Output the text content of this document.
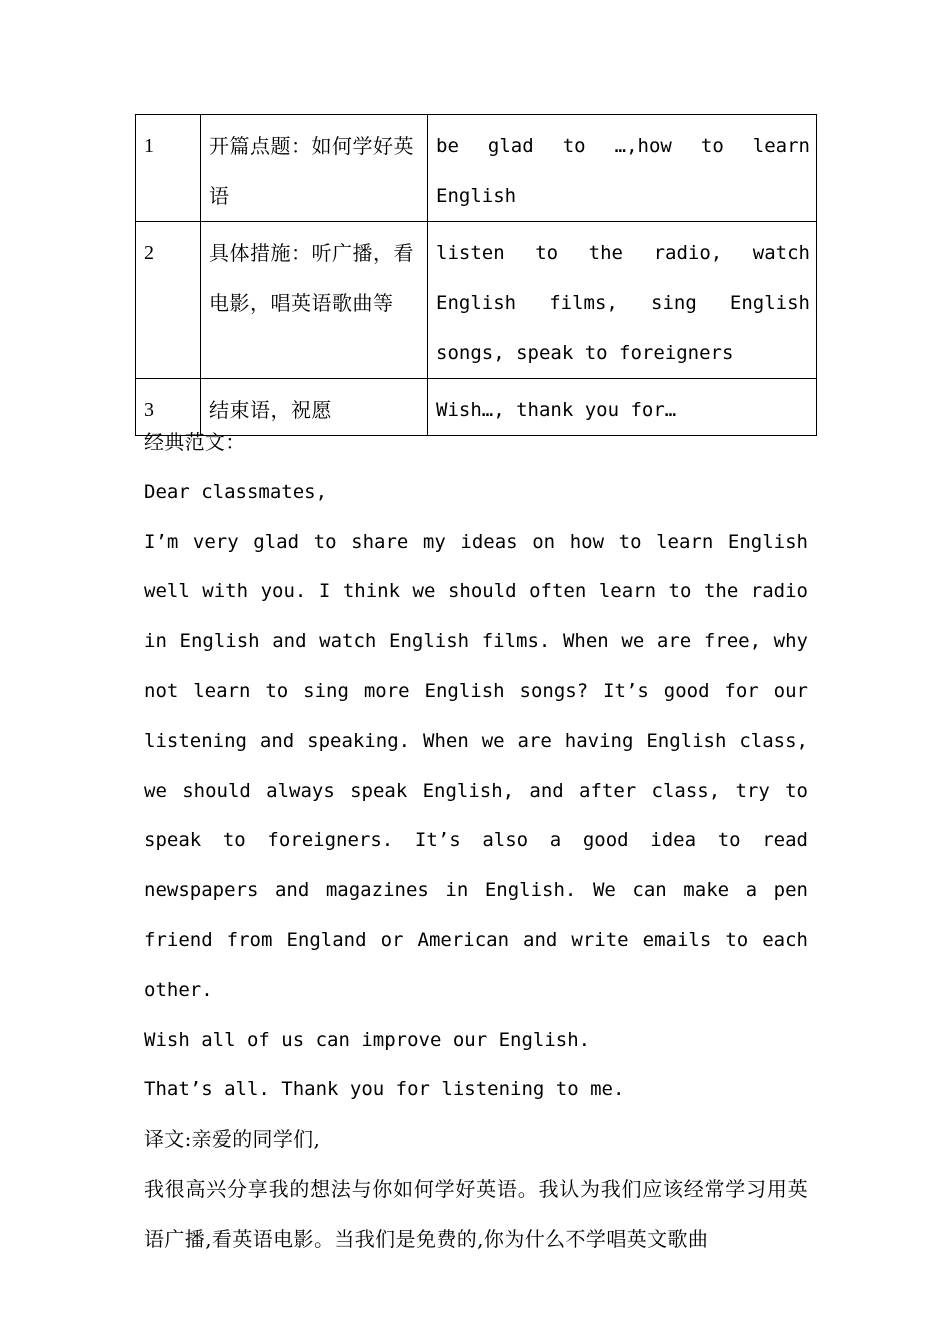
1	开篇点题：如何学好英语	be glad to …,how to learn English
2	具体措施：听广播，看电影，唱英语歌曲等	listen to the radio, watch English films, sing English songs, speak to foreigners
3	结束语，祝愿	Wish…, thank you for…

经典范文：

Dear classmates,

I’m very glad to share my ideas on how to learn English well with you. I think we should often learn to the radio in English and watch English films. When we are free, why not learn to sing more English songs? It’s good for our listening and speaking. When we are having English class, we should always speak English, and after class, try to speak to foreigners. It’s also a good idea to read newspapers and magazines in English. We can make a pen friend from England or American and write emails to each other.

Wish all of us can improve our English.

That’s all. Thank you for listening to me.

译文:亲爱的同学们,

我很高兴分享我的想法与你如何学好英语。我认为我们应该经常学习用英语广播,看英语电影。当我们是免费的,你为什么不学唱英文歌曲
